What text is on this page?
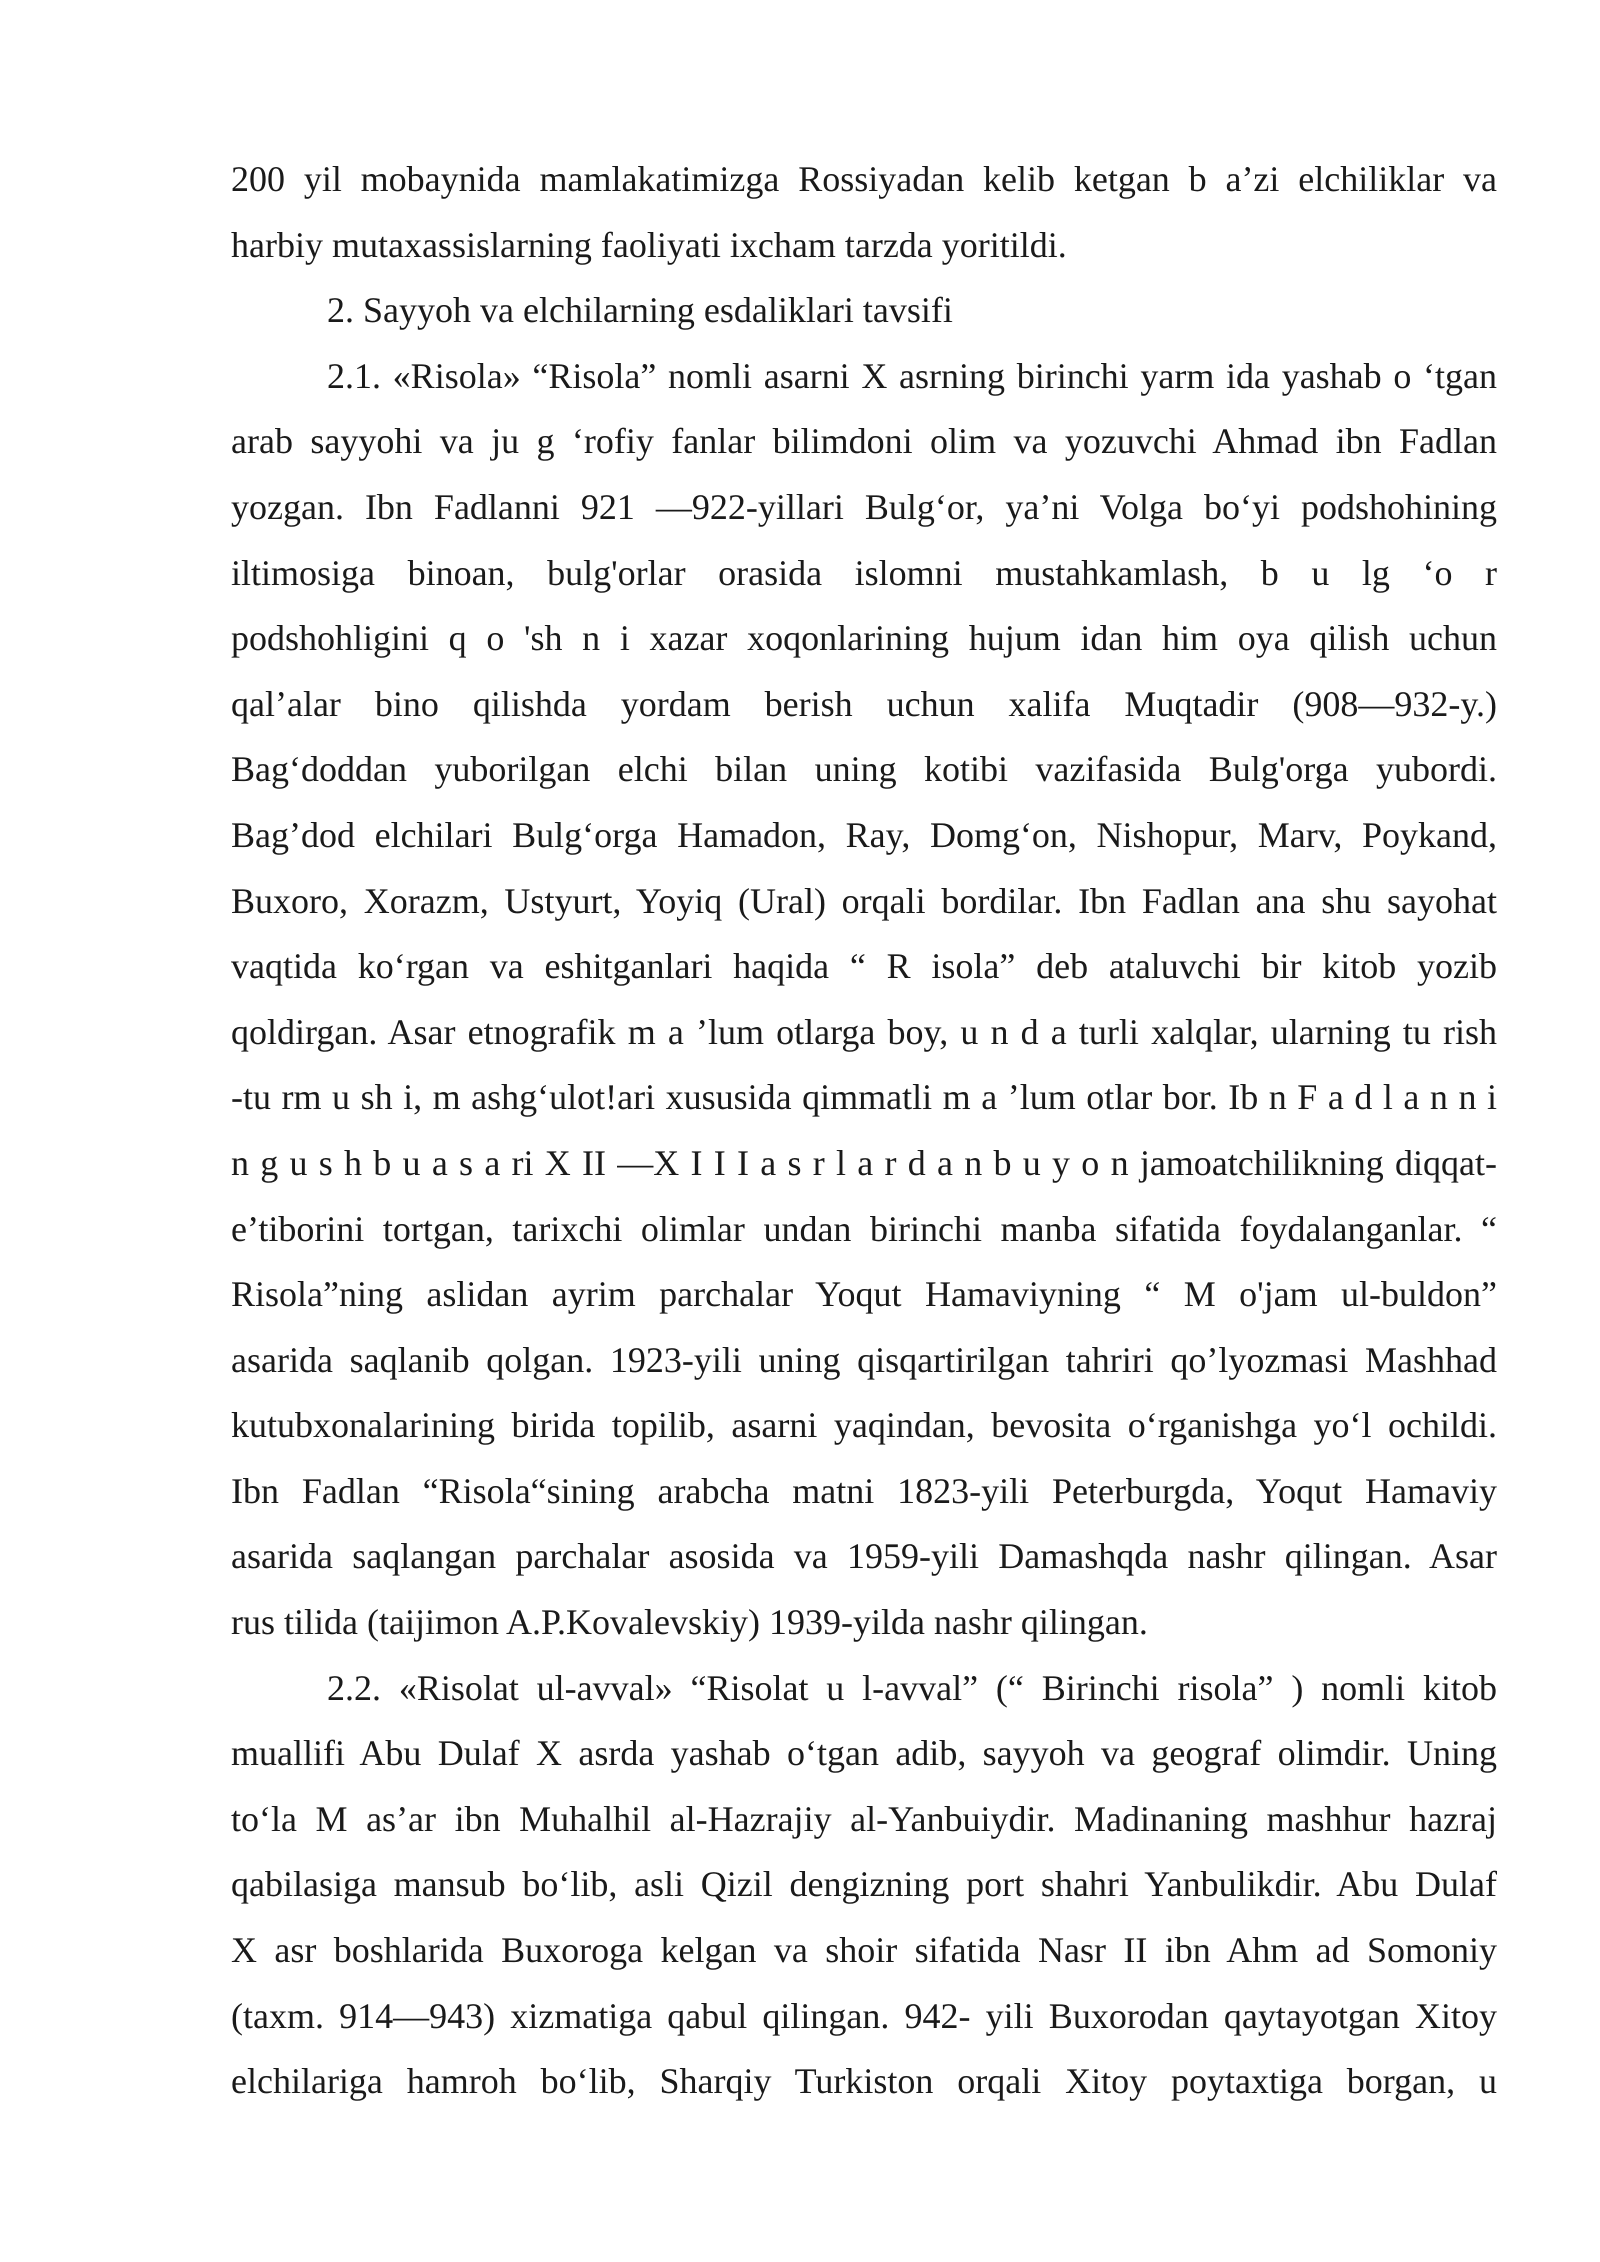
200 yil mobaynida mamlakatimizga Rossiyadan kelib ketgan b a’zi elchiliklar va
harbiy mutaxassislarning faoliyati ixcham tarzda yoritildi.
2. Sayyoh va elchilarning esdaliklari tavsifi
2.1. «Risola» “Risola” nomli asarni X asrning birinchi yarm ida yashab o ‘tgan
arab sayyohi va ju g ‘rofiy fanlar bilimdoni olim va yozuvchi Ahmad ibn Fadlan
yozgan. Ibn Fadlanni 921 —922-yillari Bulg‘or, ya’ni Volga bo‘yi podshohining
iltimosiga binoan, bulg'orlar orasida islomni mustahkamlash, b u lg ‘o r
podshohligini q o 'sh n i xazar xoqonlarining hujum idan him oya qilish uchun
qal’alar bino qilishda yordam berish uchun xalifa Muqtadir (908—932-y.)
Bag‘doddan yuborilgan elchi bilan uning kotibi vazifasida Bulg'orga yubordi.
Bag’dod elchilari Bulg‘orga Hamadon, Ray, Domg‘on, Nishopur, Marv, Poykand,
Buxoro, Xorazm, Ustyurt, Yoyiq (Ural) orqali bordilar. Ibn Fadlan ana shu sayohat
vaqtida ko‘rgan va eshitganlari haqida “ R isola” deb ataluvchi bir kitob yozib
qoldirgan. Asar etnografik m a ’lum otlarga boy, u n d a turli xalqlar, ularning tu rish
-tu rm u sh i, m ashg‘ulot!ari xususida qimmatli m a ’lum otlar bor. Ib n F a d l a n n i
n g u s h b u a s a ri X II —X I I I a s r l a r d a n b u y o n jamoatchilikning diqqat-
e’tiborini tortgan, tarixchi olimlar undan birinchi manba sifatida foydalanganlar. “
Risola”ning aslidan ayrim parchalar Yoqut Hamaviyning “ M o'jam ul-buldon”
asarida saqlanib qolgan. 1923-yili uning qisqartirilgan tahriri qo’lyozmasi Mashhad
kutubxonalarining birida topilib, asarni yaqindan, bevosita o‘rganishga yo‘l ochildi.
Ibn Fadlan “Risola“sining arabcha matni 1823-yili Peterburgda, Yoqut Hamaviy
asarida saqlangan parchalar asosida va 1959-yili Damashqda nashr qilingan. Asar
rus tilida (taijimon A.P.Kovalevskiy) 1939-yilda nashr qilingan.
2.2. «Risolat ul-avval» “Risolat u l-avval” (“ Birinchi risola” ) nomli kitob
muallifi Abu Dulaf X asrda yashab o‘tgan adib, sayyoh va geograf olimdir. Uning
to‘la M as’ar ibn Muhalhil al-Hazrajiy al-Yanbuiydir. Madinaning mashhur hazraj
qabilasiga mansub bo‘lib, asli Qizil dengizning port shahri Yanbulikdir. Abu Dulaf
X asr boshlarida Buxoroga kelgan va shoir sifatida Nasr II ibn Ahm ad Somoniy
(taxm. 914—943) xizmatiga qabul qilingan. 942- yili Buxorodan qaytayotgan Xitoy
elchilariga hamroh bo‘lib, Sharqiy Turkiston orqali Xitoy poytaxtiga borgan, u
